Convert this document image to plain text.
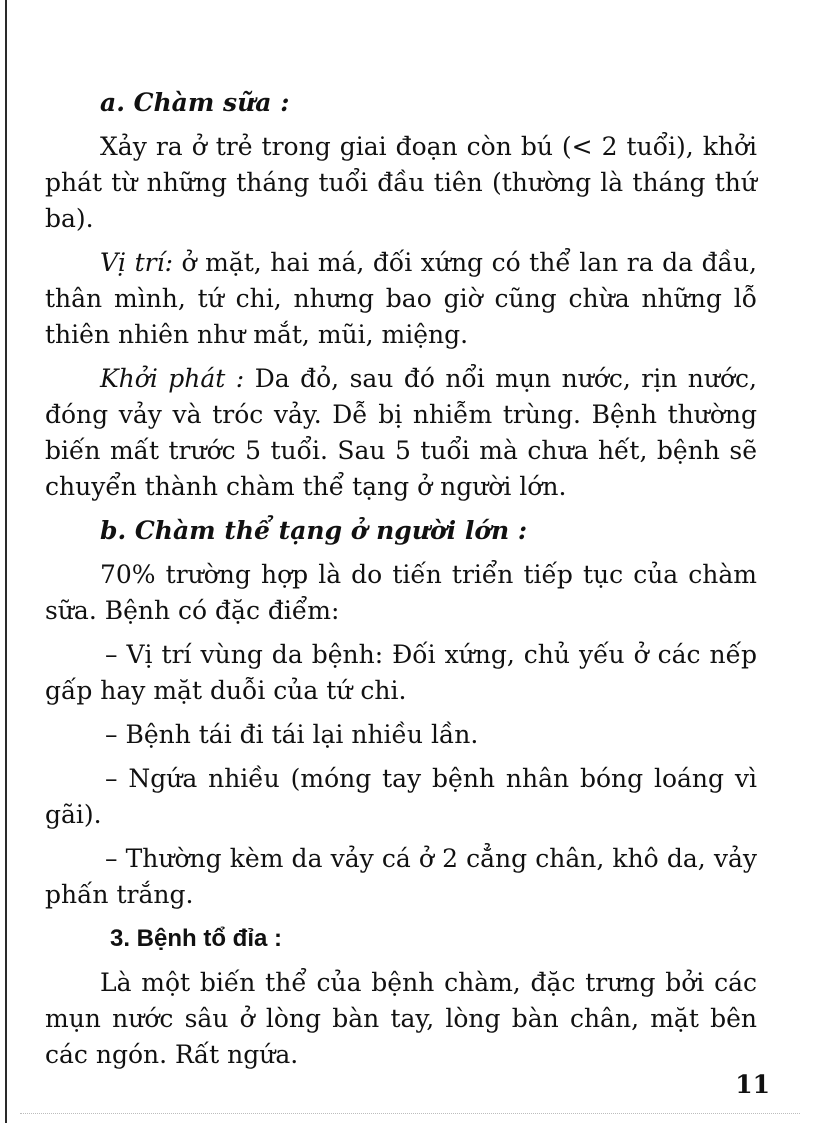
a. Chàm sữa :

Xảy ra ở trẻ trong giai đoạn còn bú (< 2 tuổi), khởi phát từ những tháng tuổi đầu tiên (thường là tháng thứ ba).

Vị trí: ở mặt, hai má, đối xứng có thể lan ra da đầu, thân mình, tứ chi, nhưng bao giờ cũng chừa những lỗ thiên nhiên như mắt, mũi, miệng.

Khởi phát : Da đỏ, sau đó nổi mụn nước, rịn nước, đóng vảy và tróc vảy. Dễ bị nhiễm trùng. Bệnh thường biến mất trước 5 tuổi. Sau 5 tuổi mà chưa hết, bệnh sẽ chuyển thành chàm thể tạng ở người lớn.

b. Chàm thể tạng ở người lớn :

70% trường hợp là do tiến triển tiếp tục của chàm sữa. Bệnh có đặc điểm:

– Vị trí vùng da bệnh: Đối xứng, chủ yếu ở các nếp gấp hay mặt duỗi của tứ chi.

– Bệnh tái đi tái lại nhiều lần.

– Ngứa nhiều (móng tay bệnh nhân bóng loáng vì gãi).

– Thường kèm da vảy cá ở 2 cẳng chân, khô da, vảy phấn trắng.

3. Bệnh tổ đỉa :

Là một biến thể của bệnh chàm, đặc trưng bởi các mụn nước sâu ở lòng bàn tay, lòng bàn chân, mặt bên các ngón. Rất ngứa.

11
